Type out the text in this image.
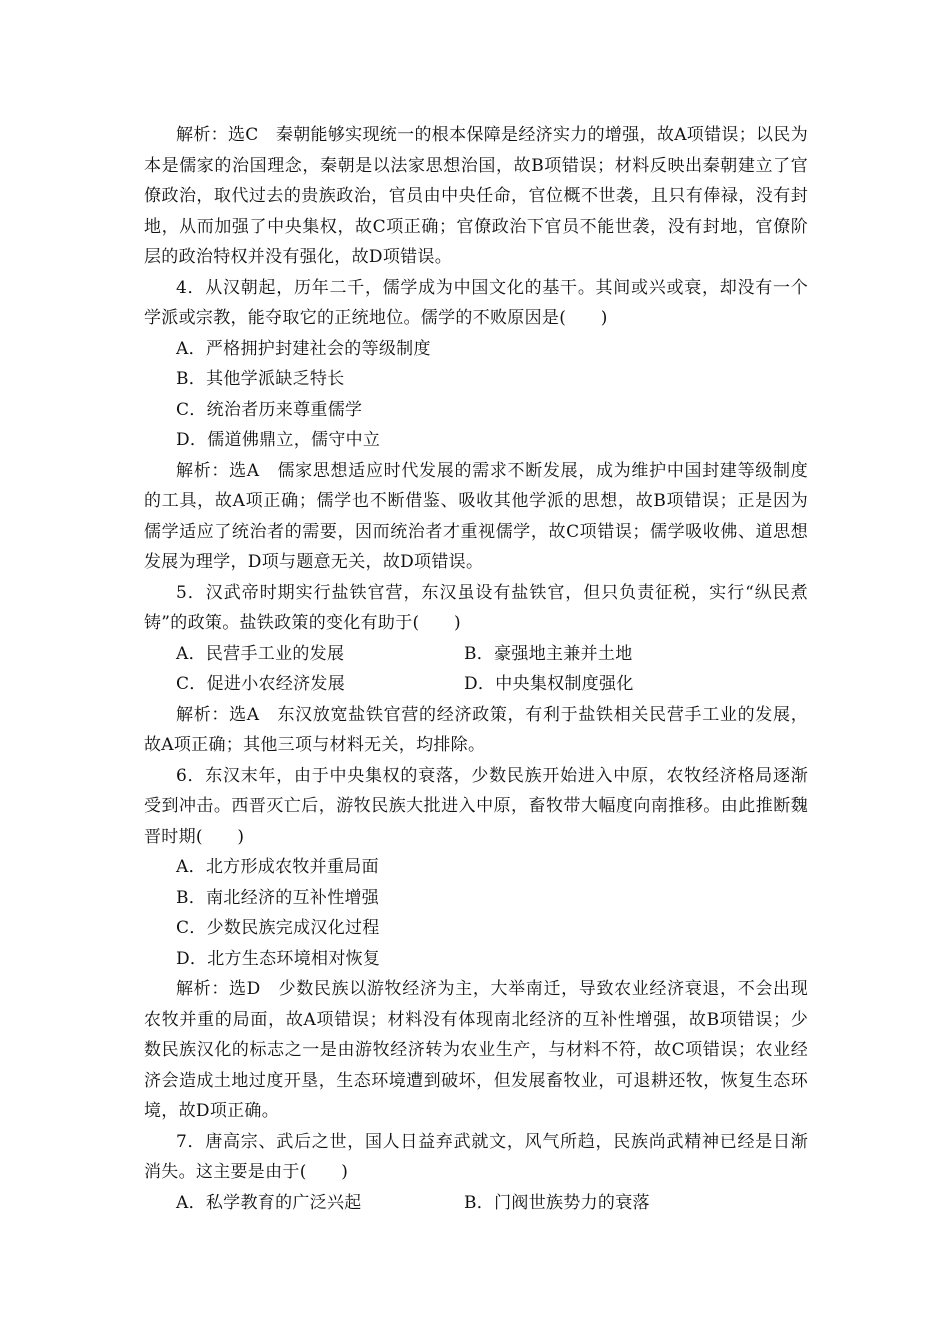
解析：选C　秦朝能够实现统一的根本保障是经济实力的增强，故A项错误；以民为本是儒家的治国理念，秦朝是以法家思想治国，故B项错误；材料反映出秦朝建立了官僚政治，取代过去的贵族政治，官员由中央任命，官位概不世袭，且只有俸禄，没有封地，从而加强了中央集权，故C项正确；官僚政治下官员不能世袭，没有封地，官僚阶层的政治特权并没有强化，故D项错误。

4．从汉朝起，历年二千，儒学成为中国文化的基干。其间或兴或衰，却没有一个学派或宗教，能夺取它的正统地位。儒学的不败原因是(　　)

A．严格拥护封建社会的等级制度

B．其他学派缺乏特长

C．统治者历来尊重儒学

D．儒道佛鼎立，儒守中立

解析：选A　儒家思想适应时代发展的需求不断发展，成为维护中国封建等级制度的工具，故A项正确；儒学也不断借鉴、吸收其他学派的思想，故B项错误；正是因为儒学适应了统治者的需要，因而统治者才重视儒学，故C项错误；儒学吸收佛、道思想发展为理学，D项与题意无关，故D项错误。

5．汉武帝时期实行盐铁官营，东汉虽设有盐铁官，但只负责征税，实行“纵民煮铸”的政策。盐铁政策的变化有助于(　　)

A．民营手工业的发展	B．豪强地主兼并土地
C．促进小农经济发展	D．中央集权制度强化

解析：选A　东汉放宽盐铁官营的经济政策，有利于盐铁相关民营手工业的发展，故A项正确；其他三项与材料无关，均排除。

6．东汉末年，由于中央集权的衰落，少数民族开始进入中原，农牧经济格局逐渐受到冲击。西晋灭亡后，游牧民族大批进入中原，畜牧带大幅度向南推移。由此推断魏晋时期(　　)

A．北方形成农牧并重局面

B．南北经济的互补性增强

C．少数民族完成汉化过程

D．北方生态环境相对恢复

解析：选D　少数民族以游牧经济为主，大举南迁，导致农业经济衰退，不会出现农牧并重的局面，故A项错误；材料没有体现南北经济的互补性增强，故B项错误；少数民族汉化的标志之一是由游牧经济转为农业生产，与材料不符，故C项错误；农业经济会造成土地过度开垦，生态环境遭到破坏，但发展畜牧业，可退耕还牧，恢复生态环境，故D项正确。

7．唐高宗、武后之世，国人日益弃武就文，风气所趋，民族尚武精神已经是日渐消失。这主要是由于(　　)

A．私学教育的广泛兴起	B．门阀世族势力的衰落
